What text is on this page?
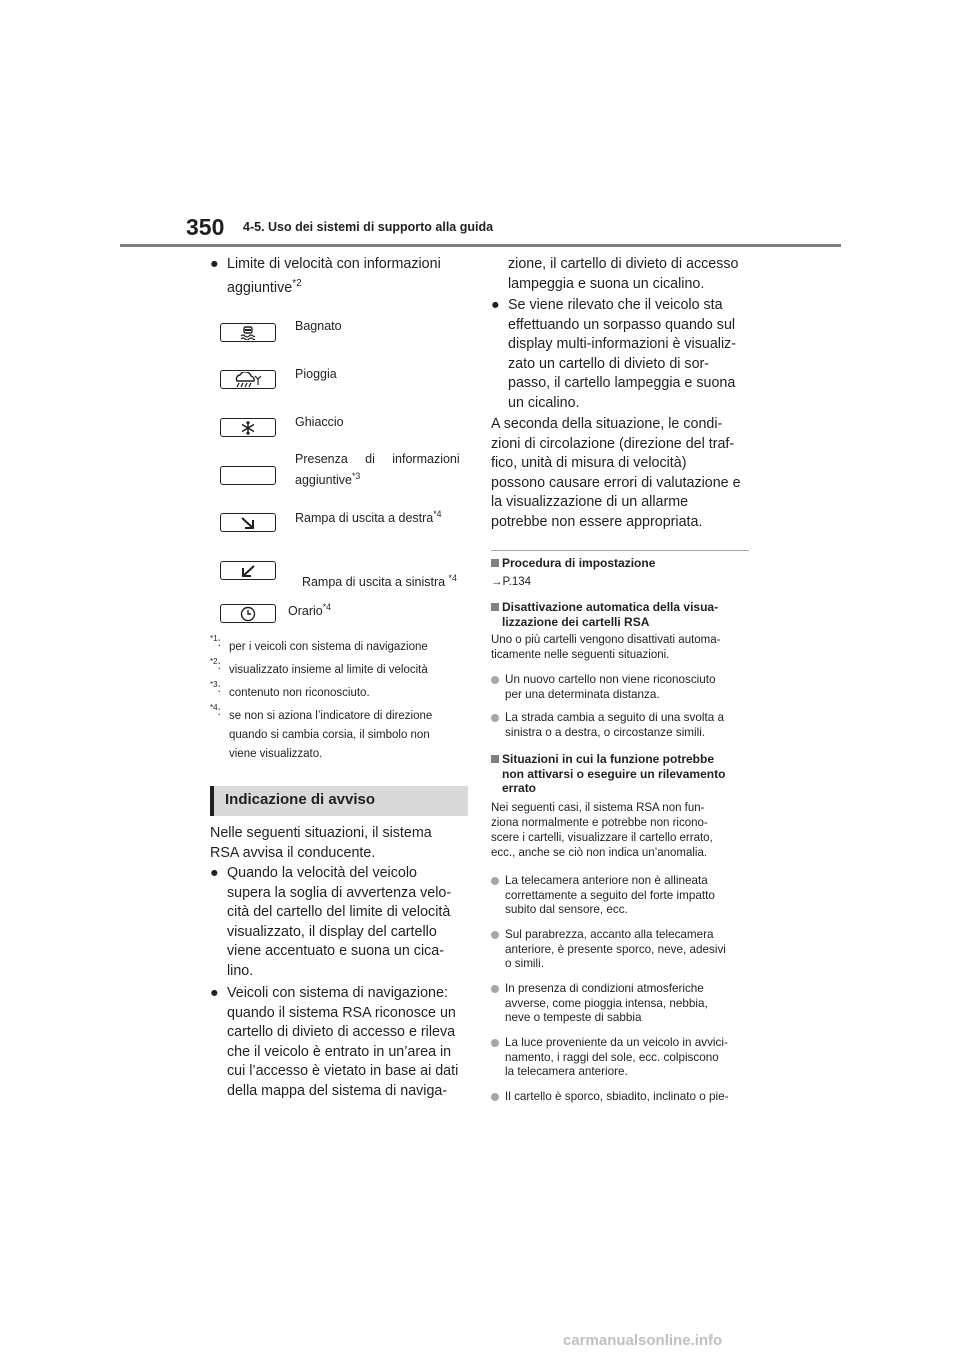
350 4-5. Uso dei sistemi di supporto alla guida
● Limite di velocità con informazioni
aggiuntive$^{*2}$
Bagnato
Pioggia
Ghiaccio
Presenza     di     informazioni
aggiuntive$^{*3}$
Rampa di uscita a destra$^{*4}$

Rampa di uscita a sinistra $^{*4}$

Orario$^{*4}$
$^{*1}$: per i veicoli con sistema di navigazione
$^{*2}$: visualizzato insieme al limite di velocità
$^{*3}$: contenuto non riconosciuto.
$^{*4}$: se non si aziona l’indicatore di direzione
quando si cambia corsia, il simbolo non
viene visualizzato.
Indicazione di avviso
Nelle seguenti situazioni, il sistema
RSA avvisa il conducente.
● Quando la velocità del veicolo
supera la soglia di avvertenza velo-
cità del cartello del limite di velocità
visualizzato, il display del cartello
viene accentuato e suona un cica-
lino.
● Veicoli con sistema di navigazione:
quando il sistema RSA riconosce un
cartello di divieto di accesso e rileva
che il veicolo è entrato in un’area in
cui l’accesso è vietato in base ai dati
della mappa del sistema di naviga-
zione, il cartello di divieto di accesso
lampeggia e suona un cicalino.
● Se viene rilevato che il veicolo sta
effettuando un sorpasso quando sul
display multi-informazioni è visualiz-
zato un cartello di divieto di sor-
passo, il cartello lampeggia e suona
un cicalino.
A seconda della situazione, le condi-
zioni di circolazione (direzione del traf-
fico, unità di misura di velocità)
possono causare errori di valutazione e
la visualizzazione di un allarme
potrebbe non essere appropriata.
Procedura di impostazione
→P.134
Disattivazione automatica della visua-
lizzazione dei cartelli RSA
Uno o più cartelli vengono disattivati automa-
ticamente nelle seguenti situazioni.
Un nuovo cartello non viene riconosciuto
per una determinata distanza.
La strada cambia a seguito di una svolta a
sinistra o a destra, o circostanze simili.
Situazioni in cui la funzione potrebbe
non attivarsi o eseguire un rilevamento
errato
Nei seguenti casi, il sistema RSA non fun-
ziona normalmente e potrebbe non ricono-
scere i cartelli, visualizzare il cartello errato,
ecc., anche se ciò non indica un’anomalia.
La telecamera anteriore non è allineata
correttamente a seguito del forte impatto
subito dal sensore, ecc.
Sul parabrezza, accanto alla telecamera
anteriore, è presente sporco, neve, adesivi
o simili.
In presenza di condizioni atmosferiche
avverse, come pioggia intensa, nebbia,
neve o tempeste di sabbia
La luce proveniente da un veicolo in avvici-
namento, i raggi del sole, ecc. colpiscono
la telecamera anteriore.
Il cartello è sporco, sbiadito, inclinato o pie-
carmanualsonline.info
